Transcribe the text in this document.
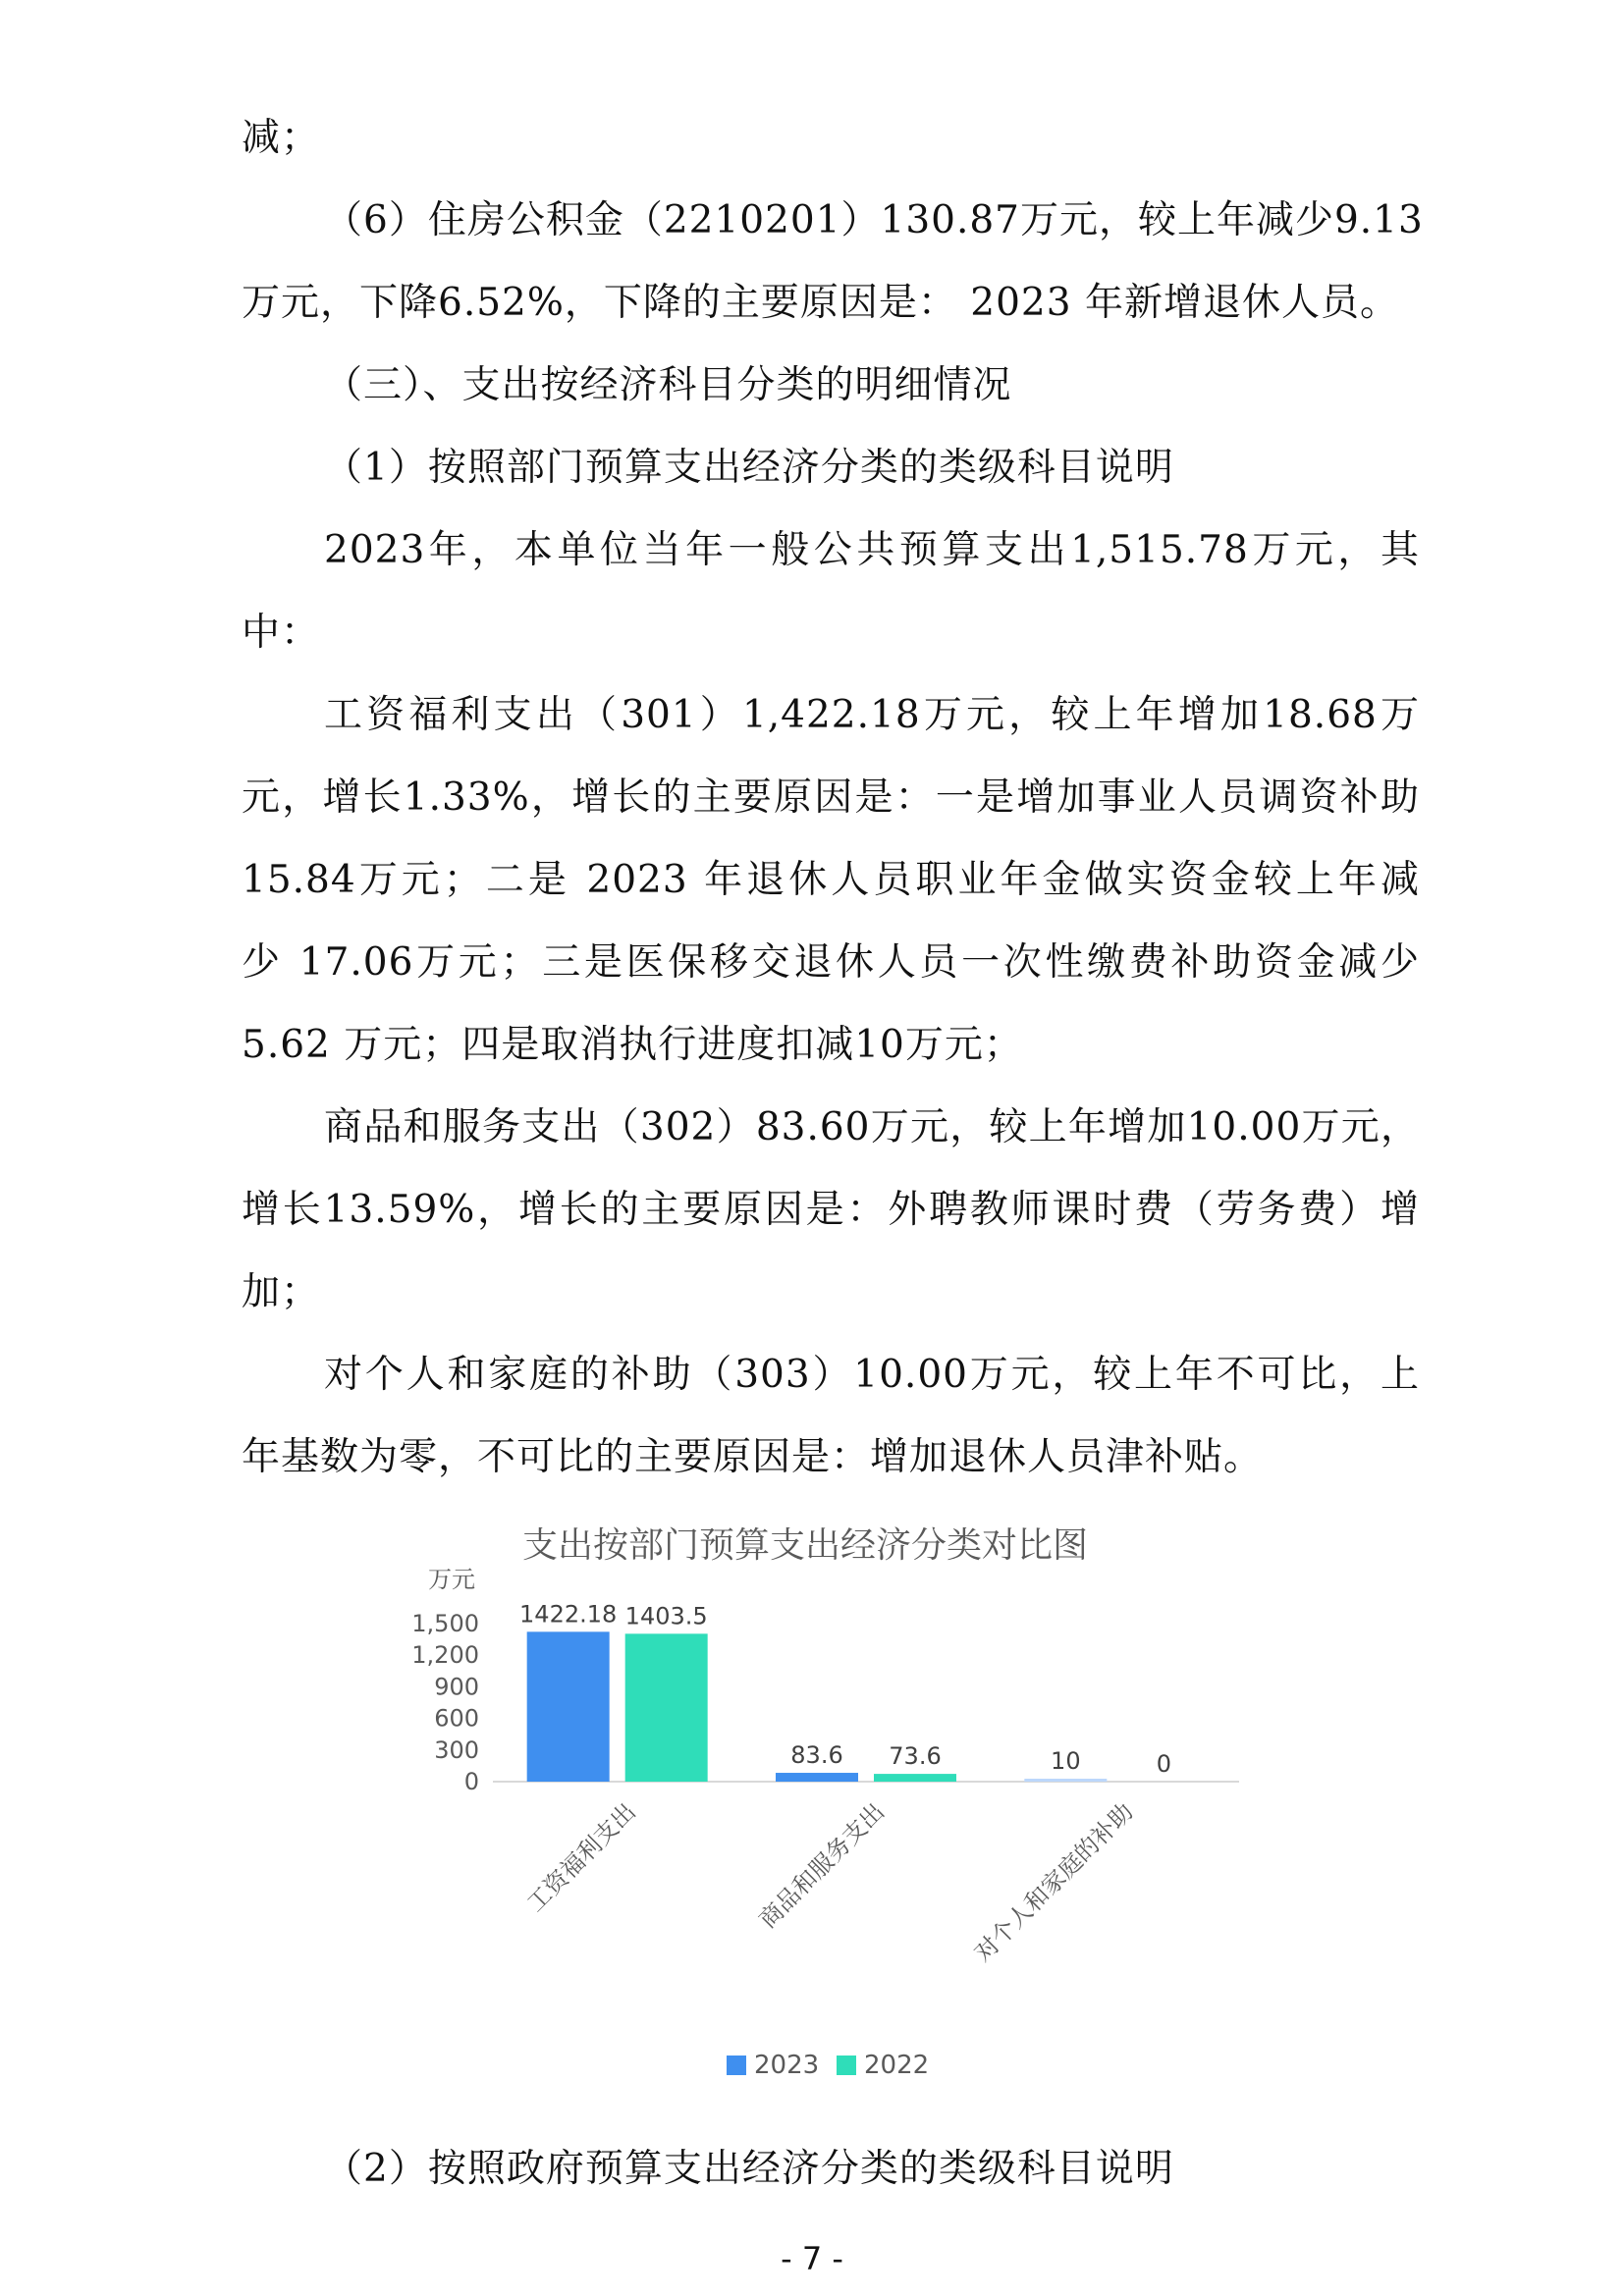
减；
（6）住房公积金（2210201）130.87万元，较上年减少9.13
万元，下降6.52%，下降的主要原因是： 2023 年新增退休人员。
（三）、支出按经济科目分类的明细情况
（1）按照部门预算支出经济分类的类级科目说明
2023年，本单位当年一般公共预算支出1,515.78万元，其
中：
工资福利支出（301）1,422.18万元，较上年增加18.68万
元，增长1.33%，增长的主要原因是：一是增加事业人员调资补助
15.84万元；二是 2023 年退休人员职业年金做实资金较上年减
少 17.06万元；三是医保移交退休人员一次性缴费补助资金减少
5.62 万元；四是取消执行进度扣减10万元；
商品和服务支出（302）83.60万元，较上年增加10.00万元，
增长13.59%，增长的主要原因是：外聘教师课时费（劳务费）增
加；
对个人和家庭的补助（303）10.00万元，较上年不可比，上
年基数为零，不可比的主要原因是：增加退休人员津补贴。
支出按部门预算支出经济分类对比图
万元
1,500
1,200
900
600
300
0
1422.18 1403.5
工资福利支出
83.6 73.6
商品和服务支出
10	0
对个人和家庭的补助
2023 2022
（2）按照政府预算支出经济分类的类级科目说明
- 7 -
